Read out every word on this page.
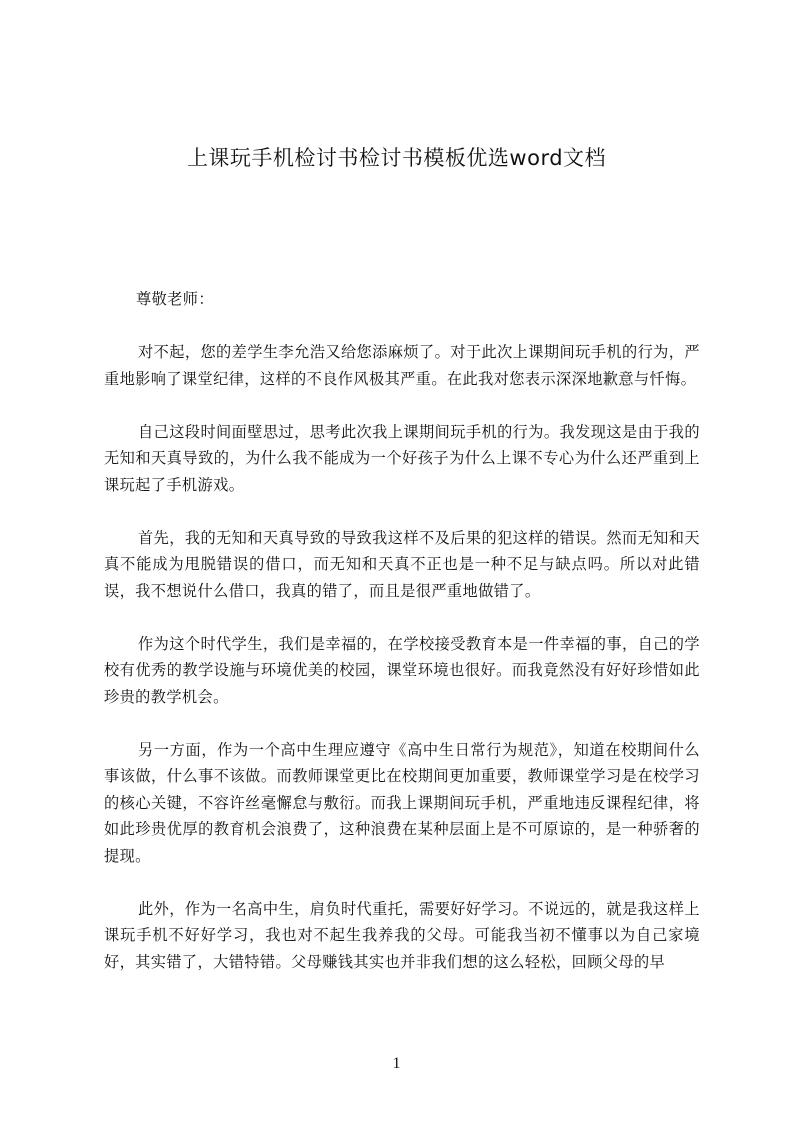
上课玩手机检讨书检讨书模板优选word文档
尊敬老师：

对不起，您的差学生李允浩又给您添麻烦了。对于此次上课期间玩手机的行为，严重地影响了课堂纪律，这样的不良作风极其严重。在此我对您表示深深地歉意与忏悔。

自己这段时间面壁思过，思考此次我上课期间玩手机的行为。我发现这是由于我的无知和天真导致的，为什么我不能成为一个好孩子为什么上课不专心为什么还严重到上课玩起了手机游戏。

首先，我的无知和天真导致的导致我这样不及后果的犯这样的错误。然而无知和天真不能成为甩脱错误的借口，而无知和天真不正也是一种不足与缺点吗。所以对此错误，我不想说什么借口，我真的错了，而且是很严重地做错了。

作为这个时代学生，我们是幸福的，在学校接受教育本是一件幸福的事，自己的学校有优秀的教学设施与环境优美的校园，课堂环境也很好。而我竟然没有好好珍惜如此珍贵的教学机会。

另一方面，作为一个高中生理应遵守《高中生日常行为规范》，知道在校期间什么事该做，什么事不该做。而教师课堂更比在校期间更加重要，教师课堂学习是在校学习的核心关键，不容许丝毫懈怠与敷衍。而我上课期间玩手机，严重地违反课程纪律，将如此珍贵优厚的教育机会浪费了，这种浪费在某种层面上是不可原谅的，是一种骄奢的提现。

此外，作为一名高中生，肩负时代重托，需要好好学习。不说远的，就是我这样上课玩手机不好好学习，我也对不起生我养我的父母。可能我当初不懂事以为自己家境好，其实错了，大错特错。父母赚钱其实也并非我们想的这么轻松，回顾父母的早

1
